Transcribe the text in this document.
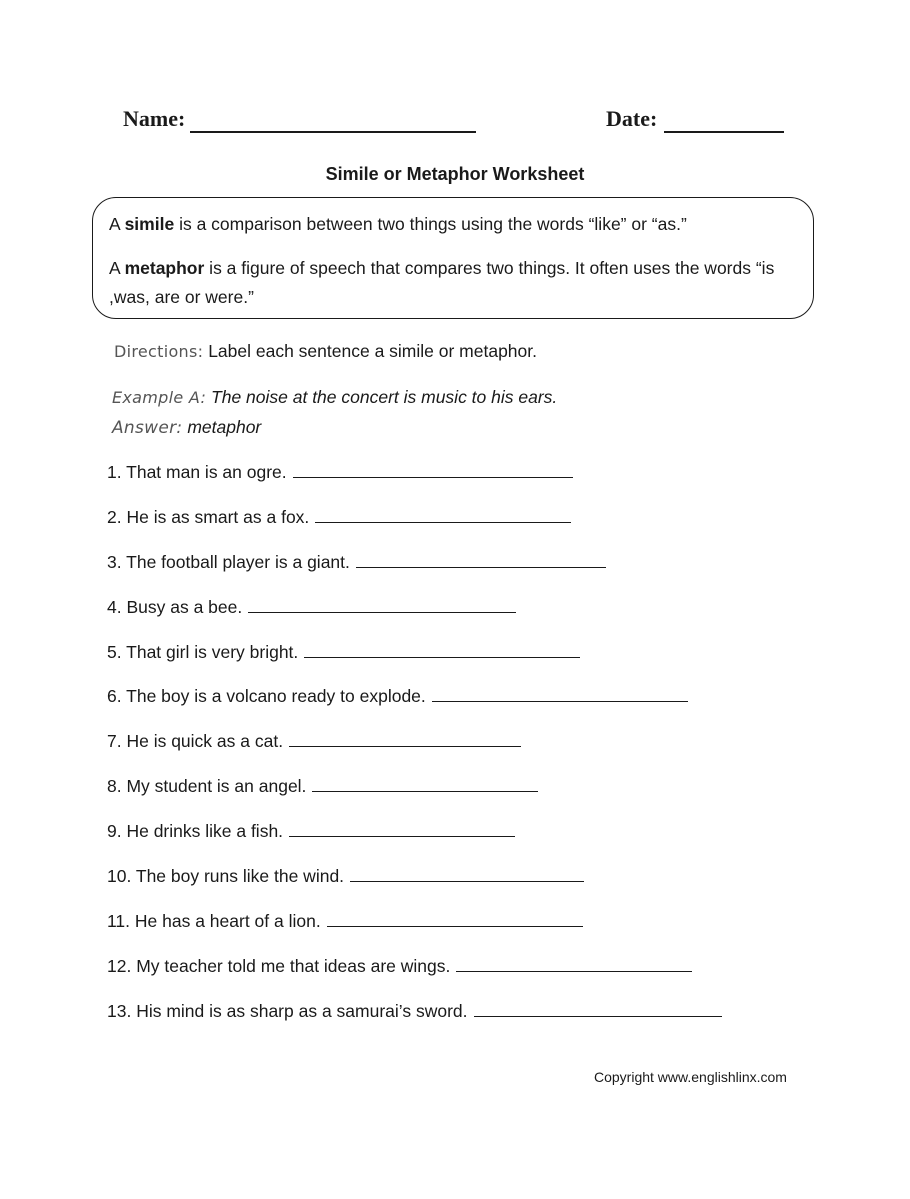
Name:	Date:
Simile or Metaphor Worksheet

A simile is a comparison between two things using the words “like” or “as.”

A metaphor is a figure of speech that compares two things. It often uses the words “is ,was, are or were.”

Directions: Label each sentence a simile or metaphor.
Example A: The noise at the concert is music to his ears.
Answer: metaphor
1. That man is an ogre.
2. He is as smart as a fox.
3. The football player is a giant.
4. Busy as a bee.
5. That girl is very bright.
6. The boy is a volcano ready to explode.
7. He is quick as a cat.
8. My student is an angel.
9. He drinks like a fish.
10. The boy runs like the wind.
11. He has a heart of a lion.
12. My teacher told me that ideas are wings.
13. His mind is as sharp as a samurai’s sword.
Copyright www.englishlinx.com
